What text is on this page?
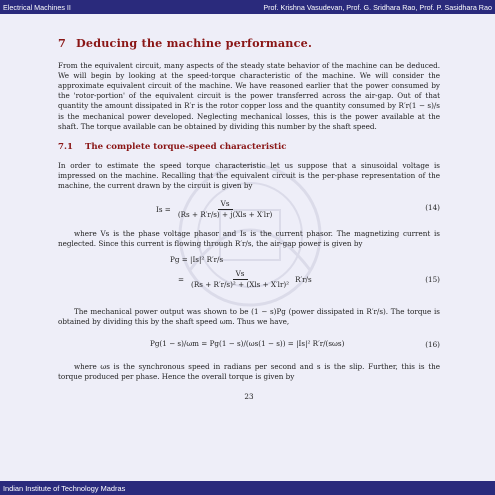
Electrical Machines II	Prof. Krishna Vasudevan, Prof. G. Sridhara Rao, Prof. P. Sasidhara Rao
7 Deducing the machine performance.

From the equivalent circuit, many aspects of the steady state behavior of the machine can be deduced. We will begin by looking at the speed-torque characteristic of the machine. We will consider the approximate equivalent circuit of the machine. We have reasoned earlier that the power consumed by the 'rotor-portion' of the equivalent circuit is the power transferred across the air-gap. Out of that quantity the amount dissipated in R′r is the rotor copper loss and the quantity consumed by R′r(1 − s)/s is the mechanical power developed. Neglecting mechanical losses, this is the power available at the shaft. The torque available can be obtained by dividing this number by the shaft speed.

7.1 The complete torque-speed characteristic

In order to estimate the speed torque characteristic let us suppose that a sinusoidal voltage is impressed on the machine. Recalling that the equivalent circuit is the per-phase representation of the machine, the current drawn by the circuit is given by

$Is = \frac{Vs}{\text{(Rs + R′r/s) + j(Xls + X′lr)}}$	(14)

where Vs is the phase voltage phasor and Is is the current phasor. The magnetizing current is neglected. Since this current is flowing through R′r/s, the air-gap power is given by

Pg = |Is|² R′r/s
= $\frac{Vs}{\text{(Rs + R′r/s)² + (Xls + X′lr)²}} R'r/s$	(15)

The mechanical power output was shown to be (1 − s)Pg (power dissipated in R′r/s). The torque is obtained by dividing this by the shaft speed ωm. Thus we have,

Pg(1 − s)/ωm = Pg(1 − s)/(ωs(1 − s)) = |Is|² R′r/(sωs)	(16)

where ωs is the synchronous speed in radians per second and s is the slip. Further, this is the torque produced per phase. Hence the overall torque is given by

23
Indian Institute of Technology Madras
